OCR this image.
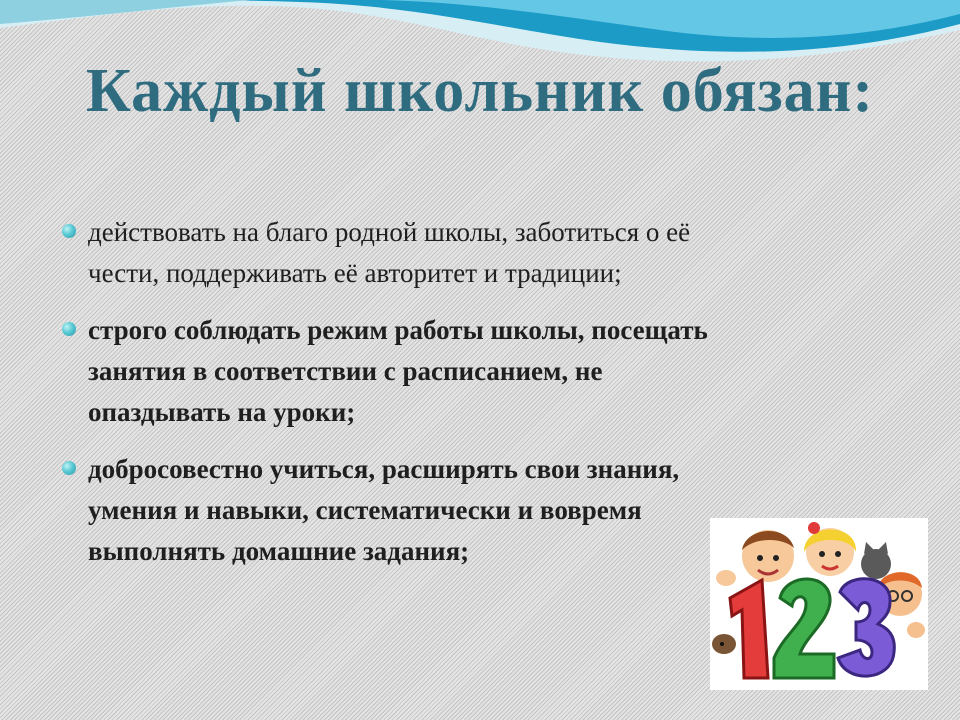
Каждый школьник обязан:
действовать на благо родной школы, заботиться о её чести, поддерживать её авторитет и традиции;
строго соблюдать режим работы школы, посещать занятия в соответствии с расписанием, не опаздывать на уроки;
добросовестно учиться, расширять свои знания, умения и навыки, систематически и вовремя выполнять домашние задания;
